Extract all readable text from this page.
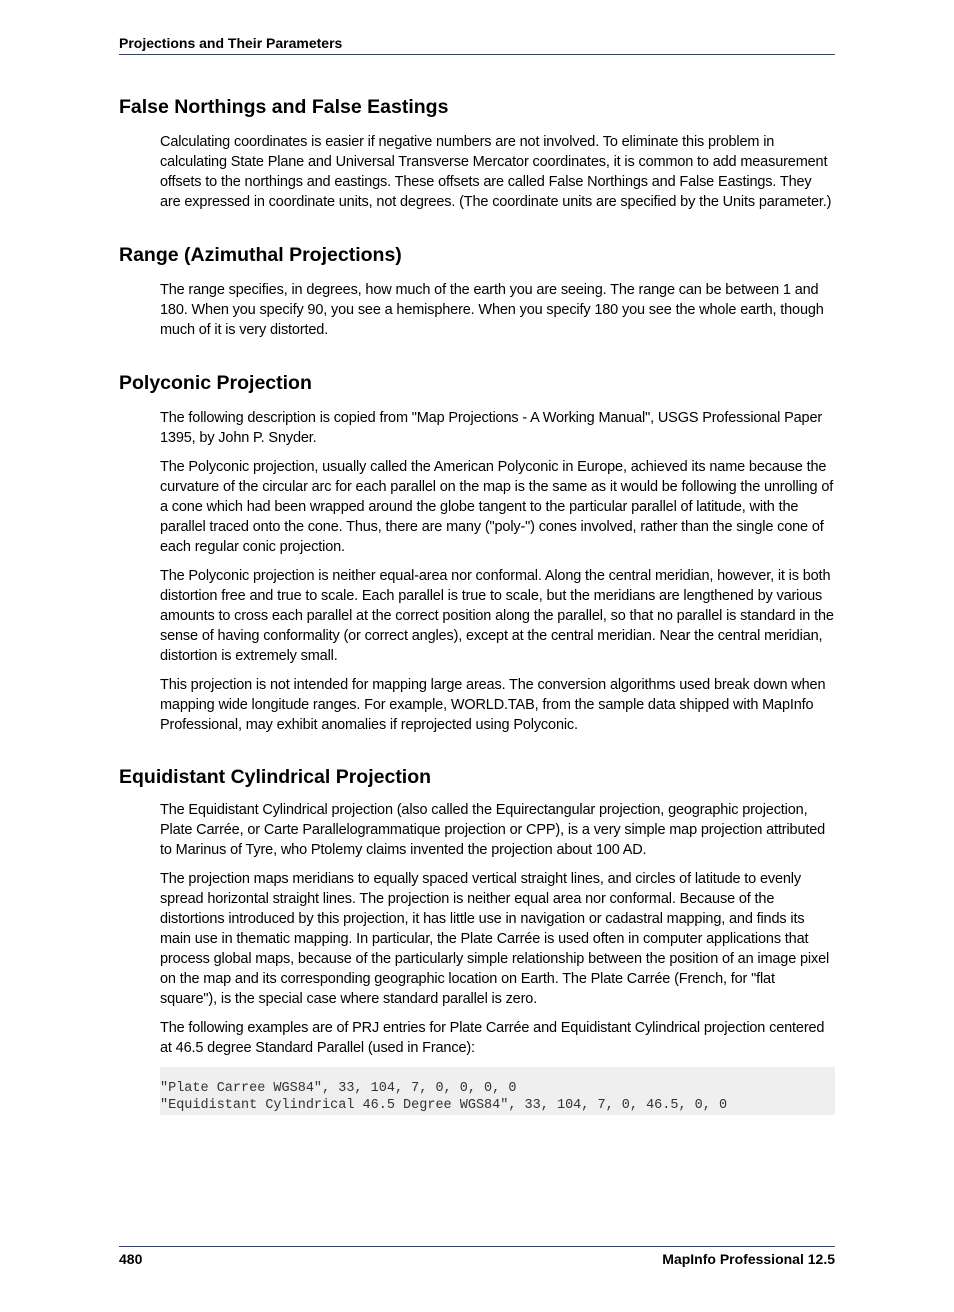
Projections and Their Parameters
False Northings and False Eastings

Calculating coordinates is easier if negative numbers are not involved. To eliminate this problem in calculating State Plane and Universal Transverse Mercator coordinates, it is common to add measurement offsets to the northings and eastings. These offsets are called False Northings and False Eastings. They are expressed in coordinate units, not degrees. (The coordinate units are specified by the Units parameter.)

Range (Azimuthal Projections)

The range specifies, in degrees, how much of the earth you are seeing. The range can be between 1 and 180. When you specify 90, you see a hemisphere. When you specify 180 you see the whole earth, though much of it is very distorted.

Polyconic Projection

The following description is copied from "Map Projections - A Working Manual", USGS Professional Paper 1395, by John P. Snyder.

The Polyconic projection, usually called the American Polyconic in Europe, achieved its name because the curvature of the circular arc for each parallel on the map is the same as it would be following the unrolling of a cone which had been wrapped around the globe tangent to the particular parallel of latitude, with the parallel traced onto the cone. Thus, there are many ("poly-") cones involved, rather than the single cone of each regular conic projection.

The Polyconic projection is neither equal-area nor conformal. Along the central meridian, however, it is both distortion free and true to scale. Each parallel is true to scale, but the meridians are lengthened by various amounts to cross each parallel at the correct position along the parallel, so that no parallel is standard in the sense of having conformality (or correct angles), except at the central meridian. Near the central meridian, distortion is extremely small.

This projection is not intended for mapping large areas. The conversion algorithms used break down when mapping wide longitude ranges. For example, WORLD.TAB, from the sample data shipped with MapInfo Professional, may exhibit anomalies if reprojected using Polyconic.

Equidistant Cylindrical Projection

The Equidistant Cylindrical projection (also called the Equirectangular projection, geographic projection, Plate Carrée, or Carte Parallelogrammatique projection or CPP), is a very simple map projection attributed to Marinus of Tyre, who Ptolemy claims invented the projection about 100 AD.

The projection maps meridians to equally spaced vertical straight lines, and circles of latitude to evenly spread horizontal straight lines. The projection is neither equal area nor conformal. Because of the distortions introduced by this projection, it has little use in navigation or cadastral mapping, and finds its main use in thematic mapping. In particular, the Plate Carrée is used often in computer applications that process global maps, because of the particularly simple relationship between the position of an image pixel on the map and its corresponding geographic location on Earth. The Plate Carrée (French, for "flat square"), is the special case where standard parallel is zero.

The following examples are of PRJ entries for Plate Carrée and Equidistant Cylindrical projection centered at 46.5 degree Standard Parallel (used in France):

"Plate Carree WGS84", 33, 104, 7, 0, 0, 0, 0
"Equidistant Cylindrical 46.5 Degree WGS84", 33, 104, 7, 0, 46.5, 0, 0
480	MapInfo Professional 12.5
